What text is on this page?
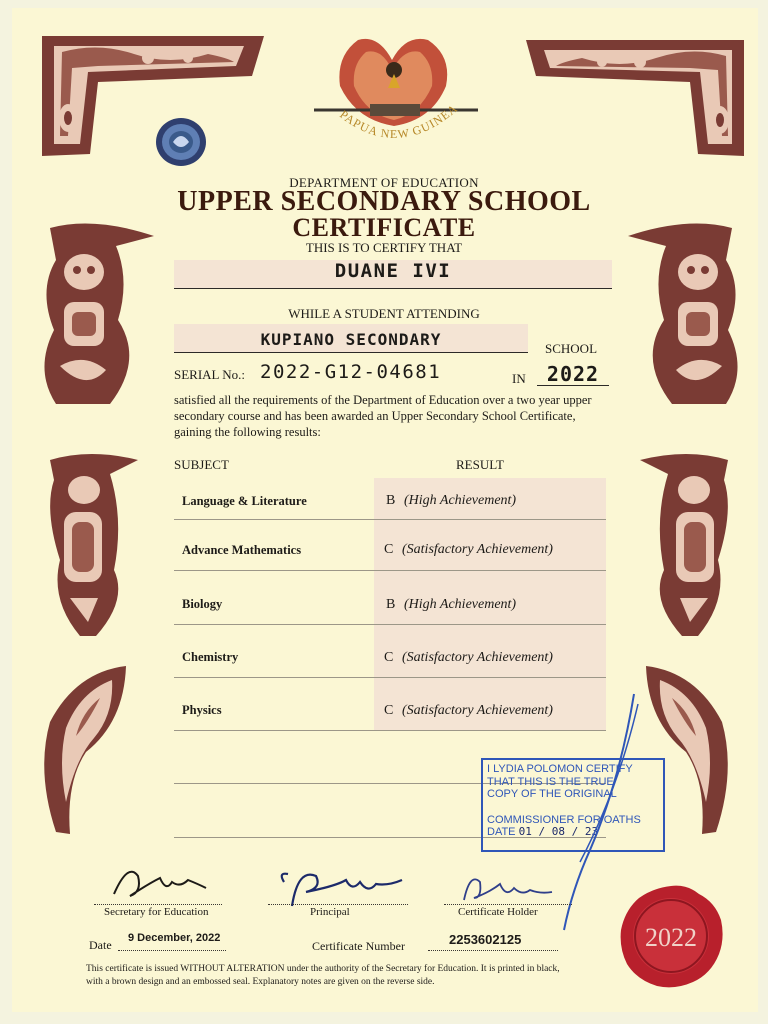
PAPUA NEW GUINEA
DEPARTMENT OF EDUCATION
UPPER SECONDARY SCHOOL
CERTIFICATE
THIS IS TO CERTIFY THAT
DUANE IVI
WHILE A STUDENT ATTENDING
KUPIANO SECONDARY	SCHOOL
SERIAL No.: 2022-G12-04681	IN	2022
satisfied all the requirements of the Department of Education over a two year upper secondary course and has been awarded an Upper Secondary School Certificate, gaining the following results:
SUBJECT	RESULT
Language & Literature	B (High Achievement)
Advance Mathematics	C (Satisfactory Achievement)
Biology	B (High Achievement)
Chemistry	C (Satisfactory Achievement)
Physics	C (Satisfactory Achievement)
I LYDIA POLOMON CERTIFY
THAT THIS IS THE TRUE
COPY OF THE ORIGINAL
COMMISSIONER FOR OATHS
DATE 01 / 08 / 23
Secretary for Education	Principal	Certificate Holder
Date 9 December, 2022
Certificate Number	2253602125
This certificate is issued WITHOUT ALTERATION under the authority of the Secretary for Education. It is printed in black, with a brown design and an embossed seal. Explanatory notes are given on the reverse side.
2022
